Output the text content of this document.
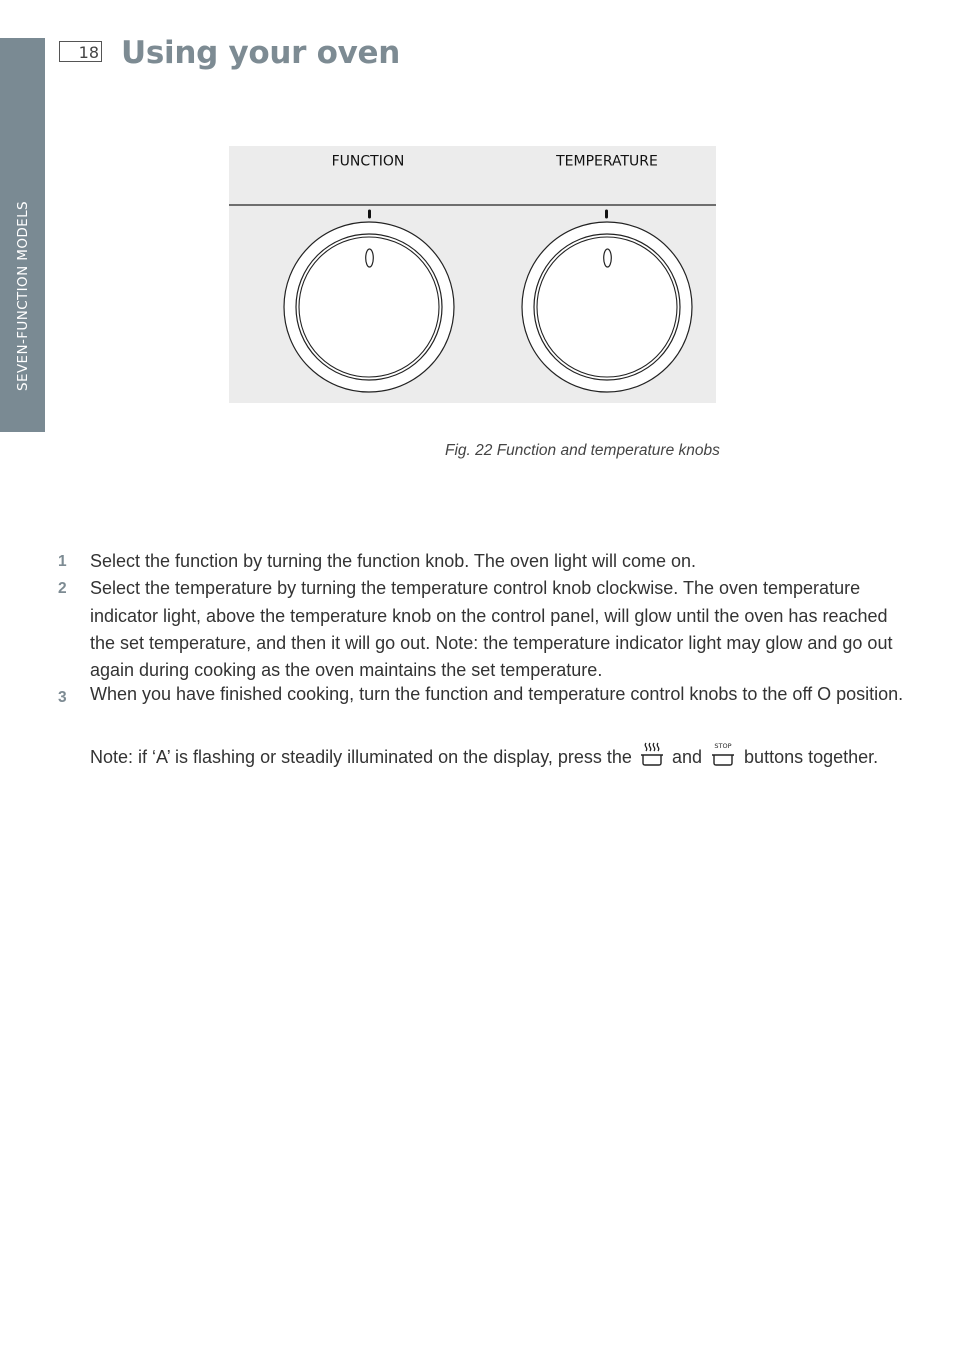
SEVEN-FUNCTION MODELS
18 Using your oven
FUNCTION	TEMPERATURE

Fig. 22 Function and temperature knobs

1	Select the function by turning the function knob. The oven light will come on.

2	Select the temperature by turning the temperature control knob clockwise. The oven temperature indicator light, above the temperature knob on the control panel, will glow until the oven has reached the set temperature, and then it will go out. Note: the temperature indicator light may glow and go out again during cooking as the oven maintains the set temperature.

3	When you have finished cooking, turn the function and temperature control knobs to the off O position.

Note: if ‘A’ is flashing or steadily illuminated on the display, press the and
STOP
buttons together.
